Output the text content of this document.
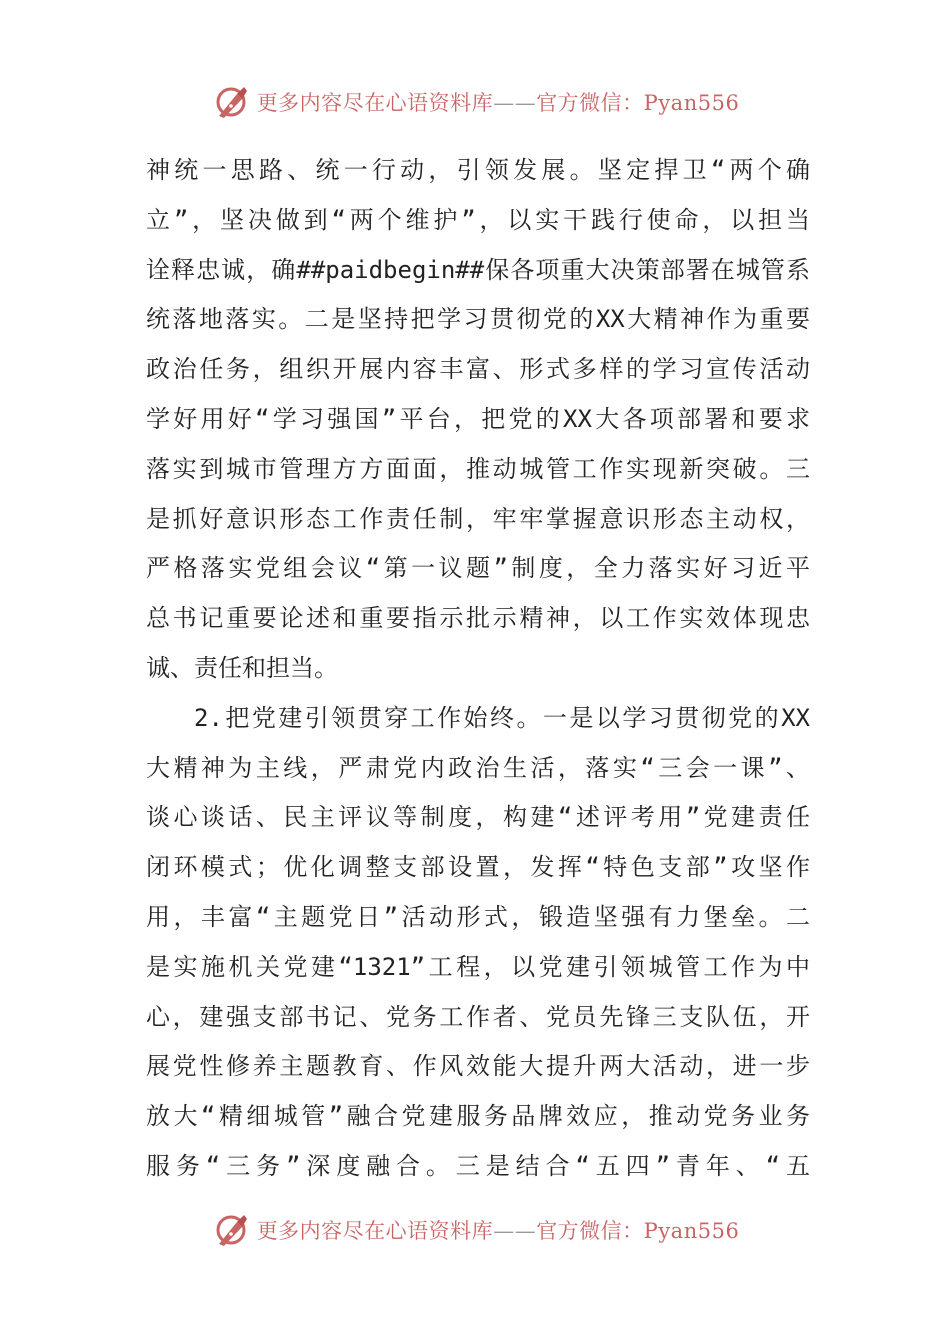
更多内容尽在心语资料库——官方微信：Pyan556
神统一思路、统一行动，引领发展。坚定捍卫“两个确
立”，坚决做到“两个维护”，以实干践行使命，以担当
诠释忠诚，确##paidbegin##保各项重大决策部署在城管系
统落地落实。二是坚持把学习贯彻党的XX大精神作为重要
政治任务，组织开展内容丰富、形式多样的学习宣传活动
学好用好“学习强国”平台，把党的XX大各项部署和要求
落实到城市管理方方面面，推动城管工作实现新突破。三
是抓好意识形态工作责任制，牢牢掌握意识形态主动权，
严格落实党组会议“第一议题”制度，全力落实好习近平
总书记重要论述和重要指示批示精神，以工作实效体现忠
诚、责任和担当。
2.把党建引领贯穿工作始终。一是以学习贯彻党的XX
大精神为主线，严肃党内政治生活，落实“三会一课”、
谈心谈话、民主评议等制度，构建“述评考用”党建责任
闭环模式；优化调整支部设置，发挥“特色支部”攻坚作
用，丰富“主题党日”活动形式，锻造坚强有力堡垒。二
是实施机关党建“1321”工程，以党建引领城管工作为中
心，建强支部书记、党务工作者、党员先锋三支队伍，开
展党性修养主题教育、作风效能大提升两大活动，进一步
放大“精细城管”融合党建服务品牌效应，推动党务业务
服务“三务”深度融合。三是结合“五四”青年、“五
更多内容尽在心语资料库——官方微信：Pyan556
